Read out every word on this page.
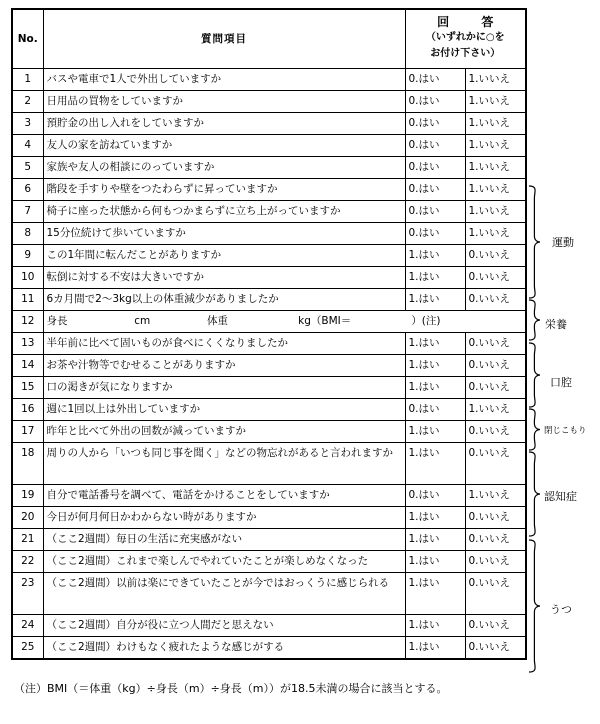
No.	質問項目	回 答
（いずれかに○を
お付け下さい）	

1	バスや電車で1人で外出していますか	0.はい	1.いいえ
2	日用品の買物をしていますか	0.はい	1.いいえ
3	預貯金の出し入れをしていますか	0.はい	1.いいえ
4	友人の家を訪ねていますか	0.はい	1.いいえ
5	家族や友人の相談にのっていますか	0.はい	1.いいえ
6	階段を手すりや壁をつたわらずに昇っていますか	0.はい	1.いいえ
7	椅子に座った状態から何もつかまらずに立ち上がっていますか	0.はい	1.いいえ
8	15分位続けて歩いていますか	0.はい	1.いいえ
9	この1年間に転んだことがありますか	1.はい	0.いいえ
10	転倒に対する不安は大きいですか	1.はい	0.いいえ
11	6カ月間で2～3kg以上の体重減少がありましたか	1.はい	0.いいえ
12	身長 cm 体重 kg（BMI＝ ）(注)		
13	半年前に比べて固いものが食べにくくなりましたか	1.はい	0.いいえ
14	お茶や汁物等でむせることがありますか	1.はい	0.いいえ
15	口の渇きが気になりますか	1.はい	0.いいえ
16	週に1回以上は外出していますか	0.はい	1.いいえ
17	昨年と比べて外出の回数が減っていますか	1.はい	0.いいえ
18	周りの人から「いつも同じ事を聞く」などの物忘れがあると言われますか	1.はい	0.いいえ
19	自分で電話番号を調べて、電話をかけることをしていますか	0.はい	1.いいえ
20	今日が何月何日かわからない時がありますか	1.はい	0.いいえ
21	（ここ2週間）毎日の生活に充実感がない	1.はい	0.いいえ
22	（ここ2週間）これまで楽しんでやれていたことが楽しめなくなった	1.はい	0.いいえ
23	（ここ2週間）以前は楽にできていたことが今ではおっくうに感じられる	1.はい	0.いいえ
24	（ここ2週間）自分が役に立つ人間だと思えない	1.はい	0.いいえ
25	（ここ2週間）わけもなく疲れたような感じがする	1.はい	0.いいえ
運動
栄養
口腔
閉じこもり
認知症
うつ
（注）BMI（＝体重（kg）÷身長（m）÷身長（m））が18.5未満の場合に該当とする。
